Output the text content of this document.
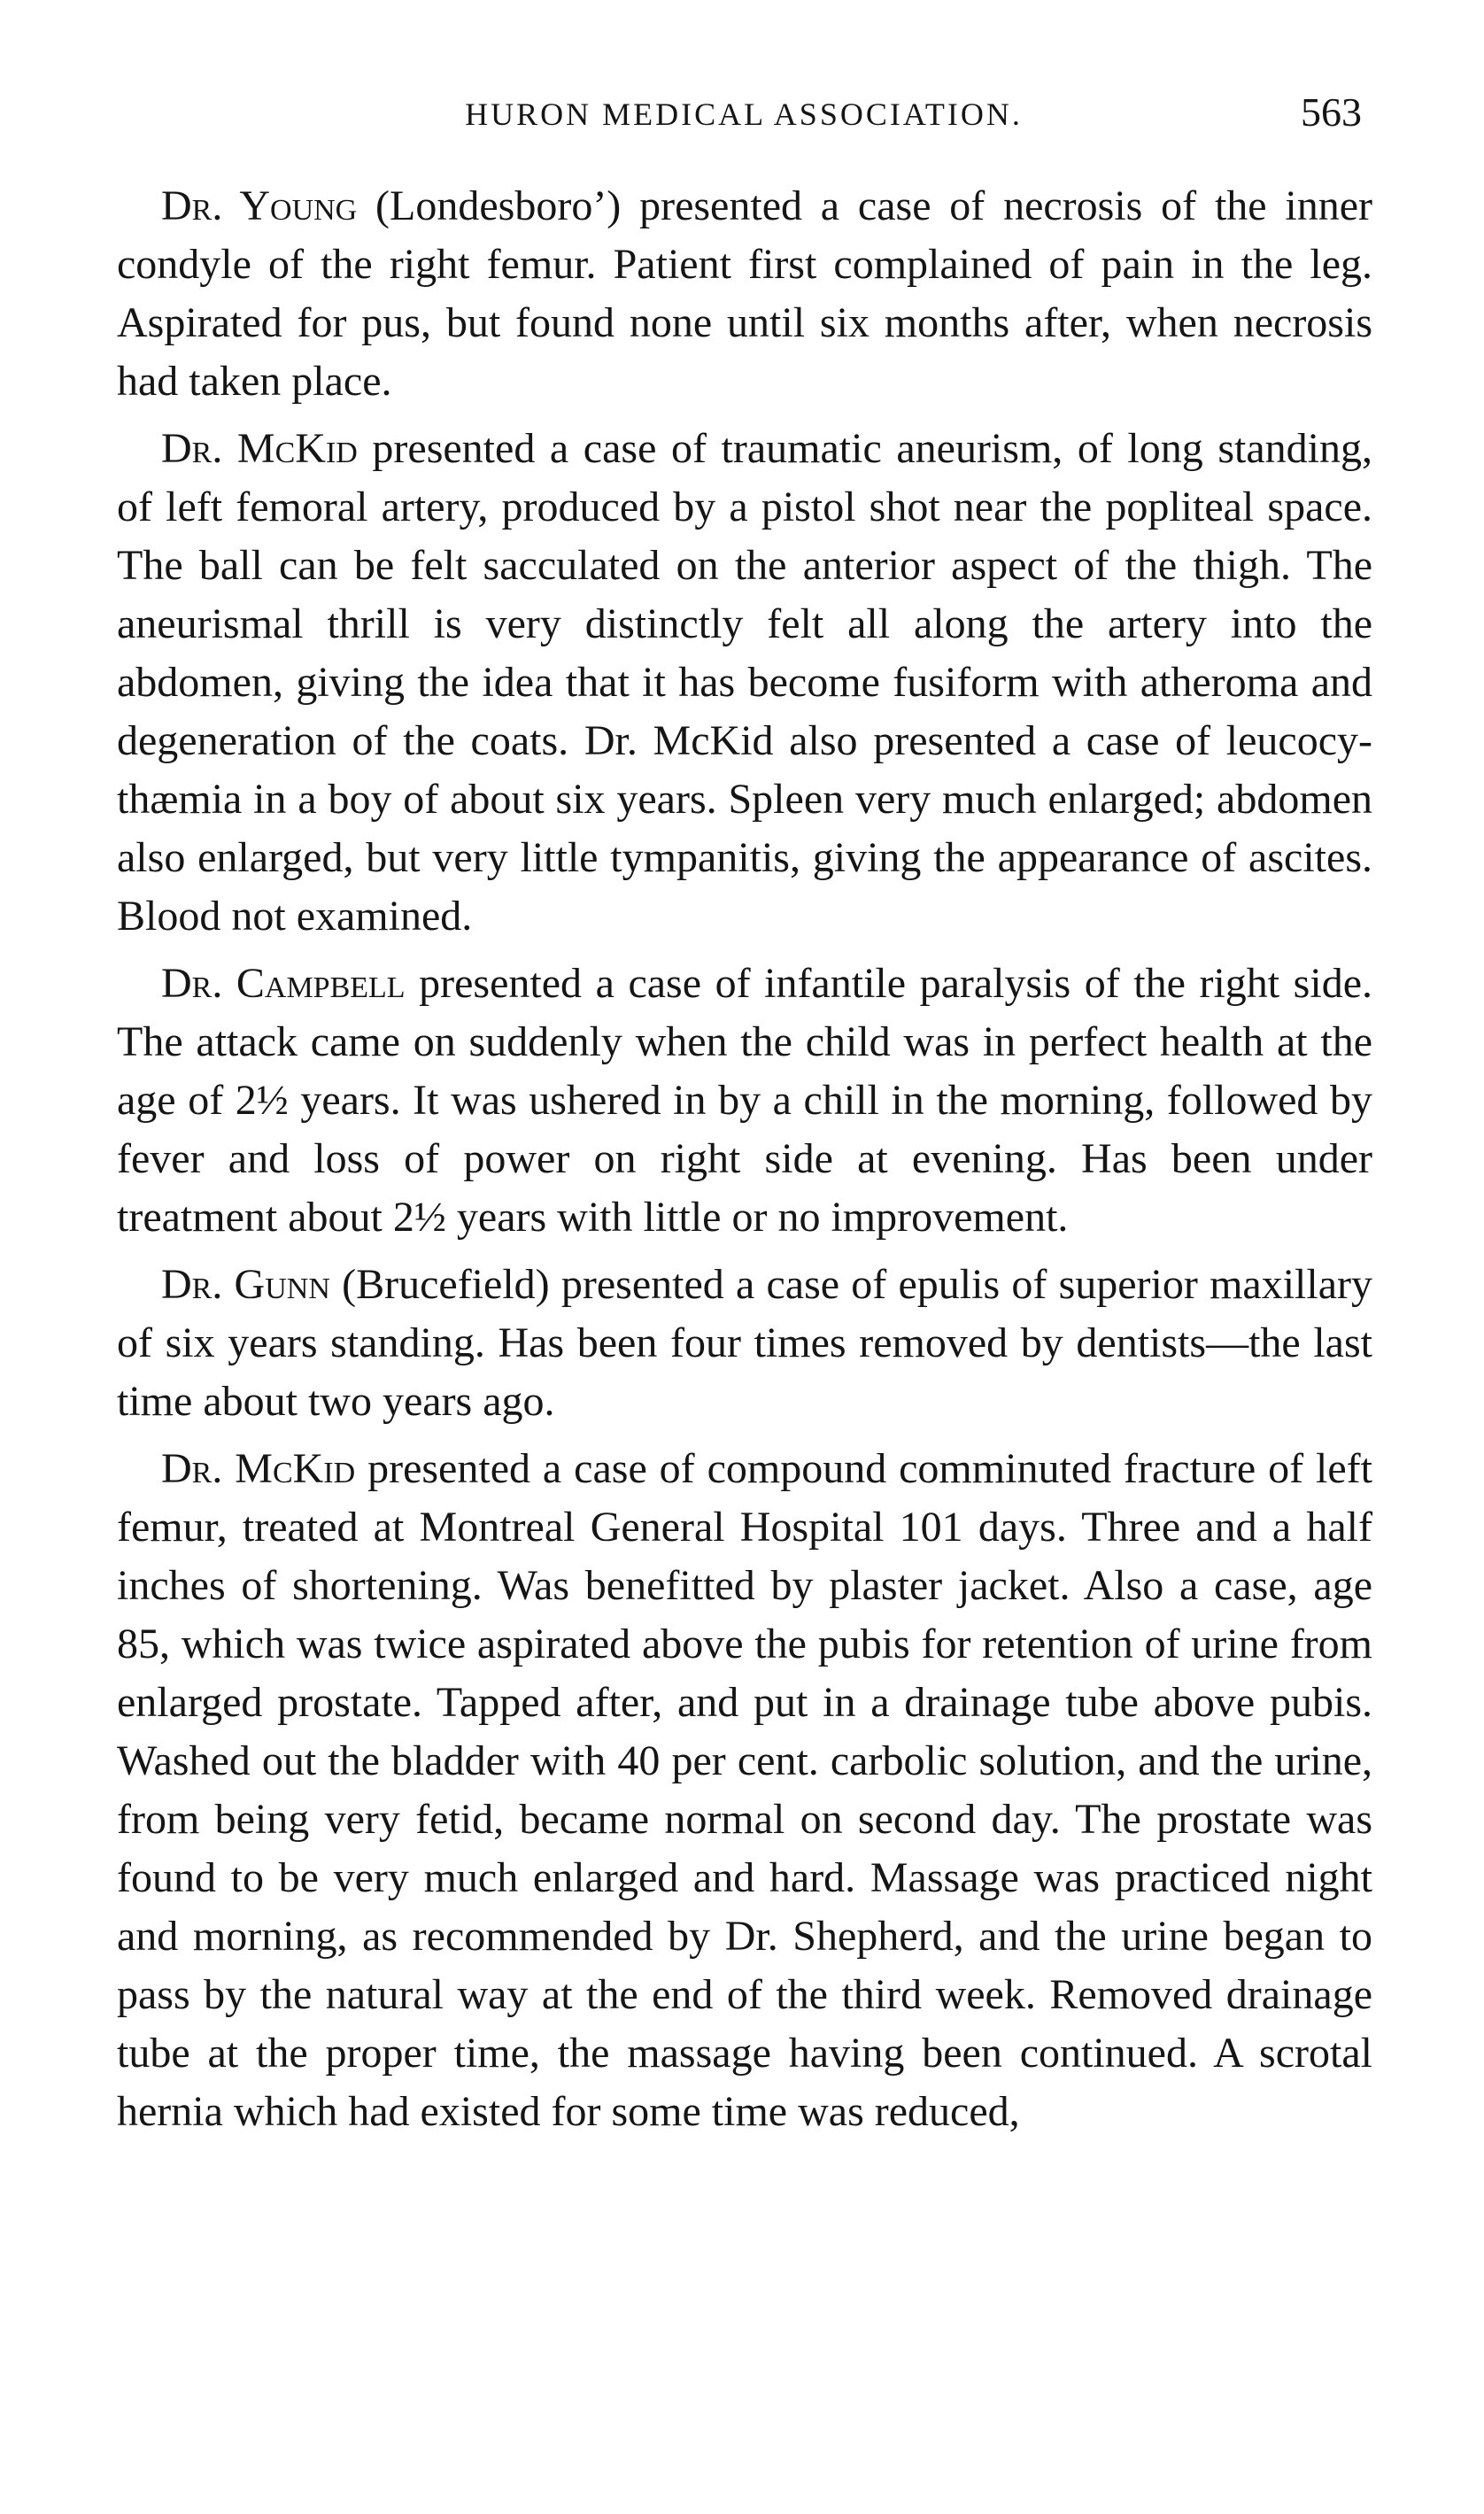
HURON MEDICAL ASSOCIATION.	563

Dr. Young (Londesboro’) presented a case of necrosis of the inner condyle of the right femur. Patient first complained of pain in the leg. Aspirated for pus, but found none until six months after, when necrosis had taken place.

Dr. McKid presented a case of traumatic aneurism, of long standing, of left femoral artery, produced by a pistol shot near the popliteal space. The ball can be felt sacculated on the anterior aspect of the thigh. The aneurismal thrill is very distinctly felt all along the artery into the abdomen, giving the idea that it has become fusiform with atheroma and degeneration of the coats. Dr. McKid also presented a case of leucocythæmia in a boy of about six years. Spleen very much enlarged; abdomen also enlarged, but very little tympanitis, giving the appearance of ascites. Blood not examined.

Dr. Campbell presented a case of infantile paralysis of the right side. The attack came on suddenly when the child was in perfect health at the age of 2½ years. It was ushered in by a chill in the morning, followed by fever and loss of power on right side at evening. Has been under treatment about 2½ years with little or no improvement.

Dr. Gunn (Brucefield) presented a case of epulis of superior maxillary of six years standing. Has been four times removed by dentists—the last time about two years ago.

Dr. McKid presented a case of compound comminuted fracture of left femur, treated at Montreal General Hospital 101 days. Three and a half inches of shortening. Was benefitted by plaster jacket. Also a case, age 85, which was twice aspirated above the pubis for retention of urine from enlarged prostate. Tapped after, and put in a drainage tube above pubis. Washed out the bladder with 40 per cent. carbolic solution, and the urine, from being very fetid, became normal on second day. The prostate was found to be very much enlarged and hard. Massage was practiced night and morning, as recommended by Dr. Shepherd, and the urine began to pass by the natural way at the end of the third week. Removed drainage tube at the proper time, the massage having been continued. A scrotal hernia which had existed for some time was reduced,
